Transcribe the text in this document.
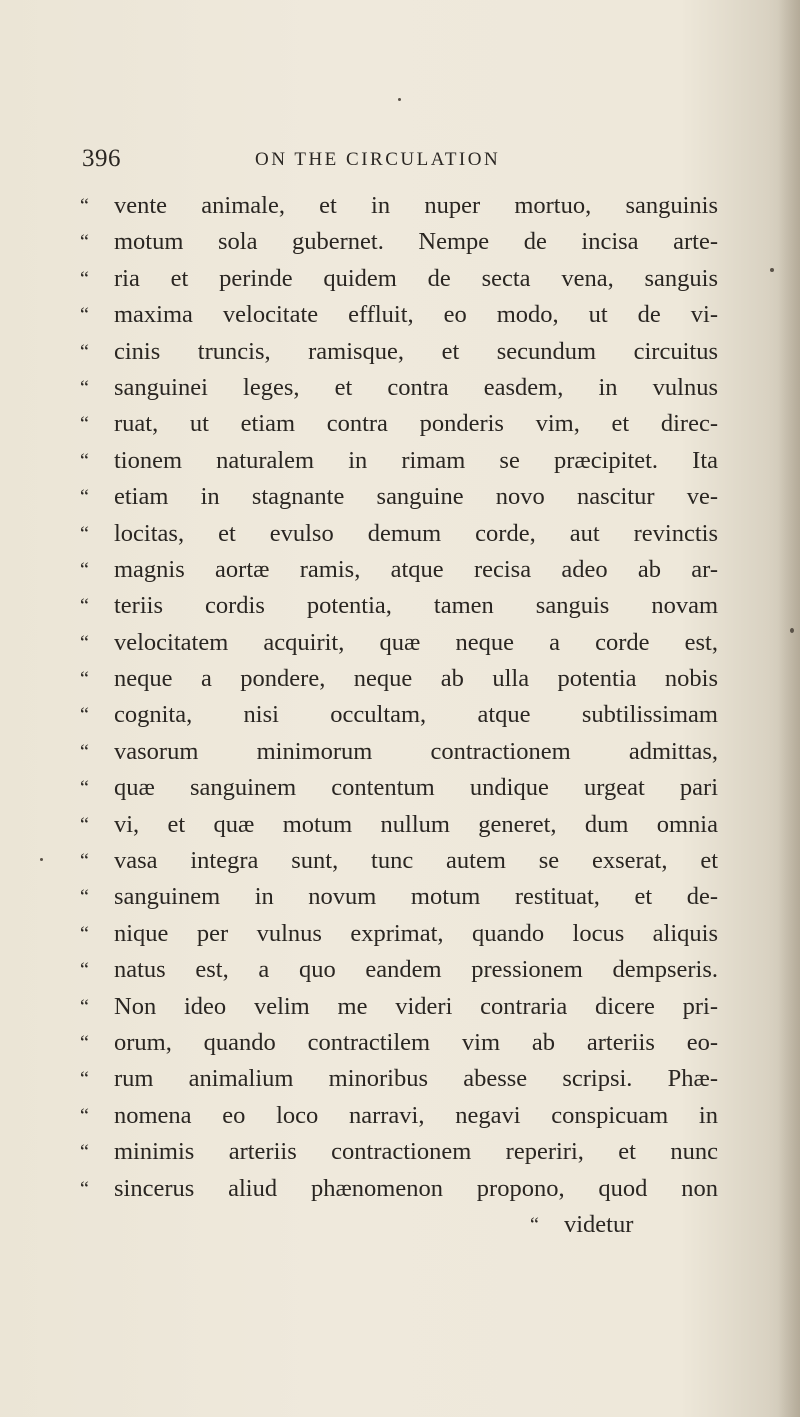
396	ON THE CIRCULATION
“ vente animale, et in nuper mortuo, sanguinis
“ motum sola gubernet. Nempe de incisa arte-
“ ria et perinde quidem de secta vena, sanguis
“ maxima velocitate effluit, eo modo, ut de vi-
“ cinis truncis, ramisque, et secundum circuitus
“ sanguinei leges, et contra easdem, in vulnus
“ ruat, ut etiam contra ponderis vim, et direc-
“ tionem naturalem in rimam se præcipitet. Ita
“ etiam in stagnante sanguine novo nascitur ve-
“ locitas, et evulso demum corde, aut revinctis
“ magnis aortæ ramis, atque recisa adeo ab ar-
“ teriis cordis potentia, tamen sanguis novam
“ velocitatem acquirit, quæ neque a corde est,
“ neque a pondere, neque ab ulla potentia nobis
“ cognita, nisi occultam, atque subtilissimam
“ vasorum minimorum contractionem admittas,
“ quæ sanguinem contentum undique urgeat pari
“ vi, et quæ motum nullum generet, dum omnia
“ vasa integra sunt, tunc autem se exserat, et
“ sanguinem in novum motum restituat, et de-
“ nique per vulnus exprimat, quando locus aliquis
“ natus est, a quo eandem pressionem dempseris.
“ Non ideo velim me videri contraria dicere pri-
“ orum, quando contractilem vim ab arteriis eo-
“ rum animalium minoribus abesse scripsi. Phæ-
“ nomena eo loco narravi, negavi conspicuam in
“ minimis arteriis contractionem reperiri, et nunc
“ sincerus aliud phænomenon propono, quod non
“ videtur
